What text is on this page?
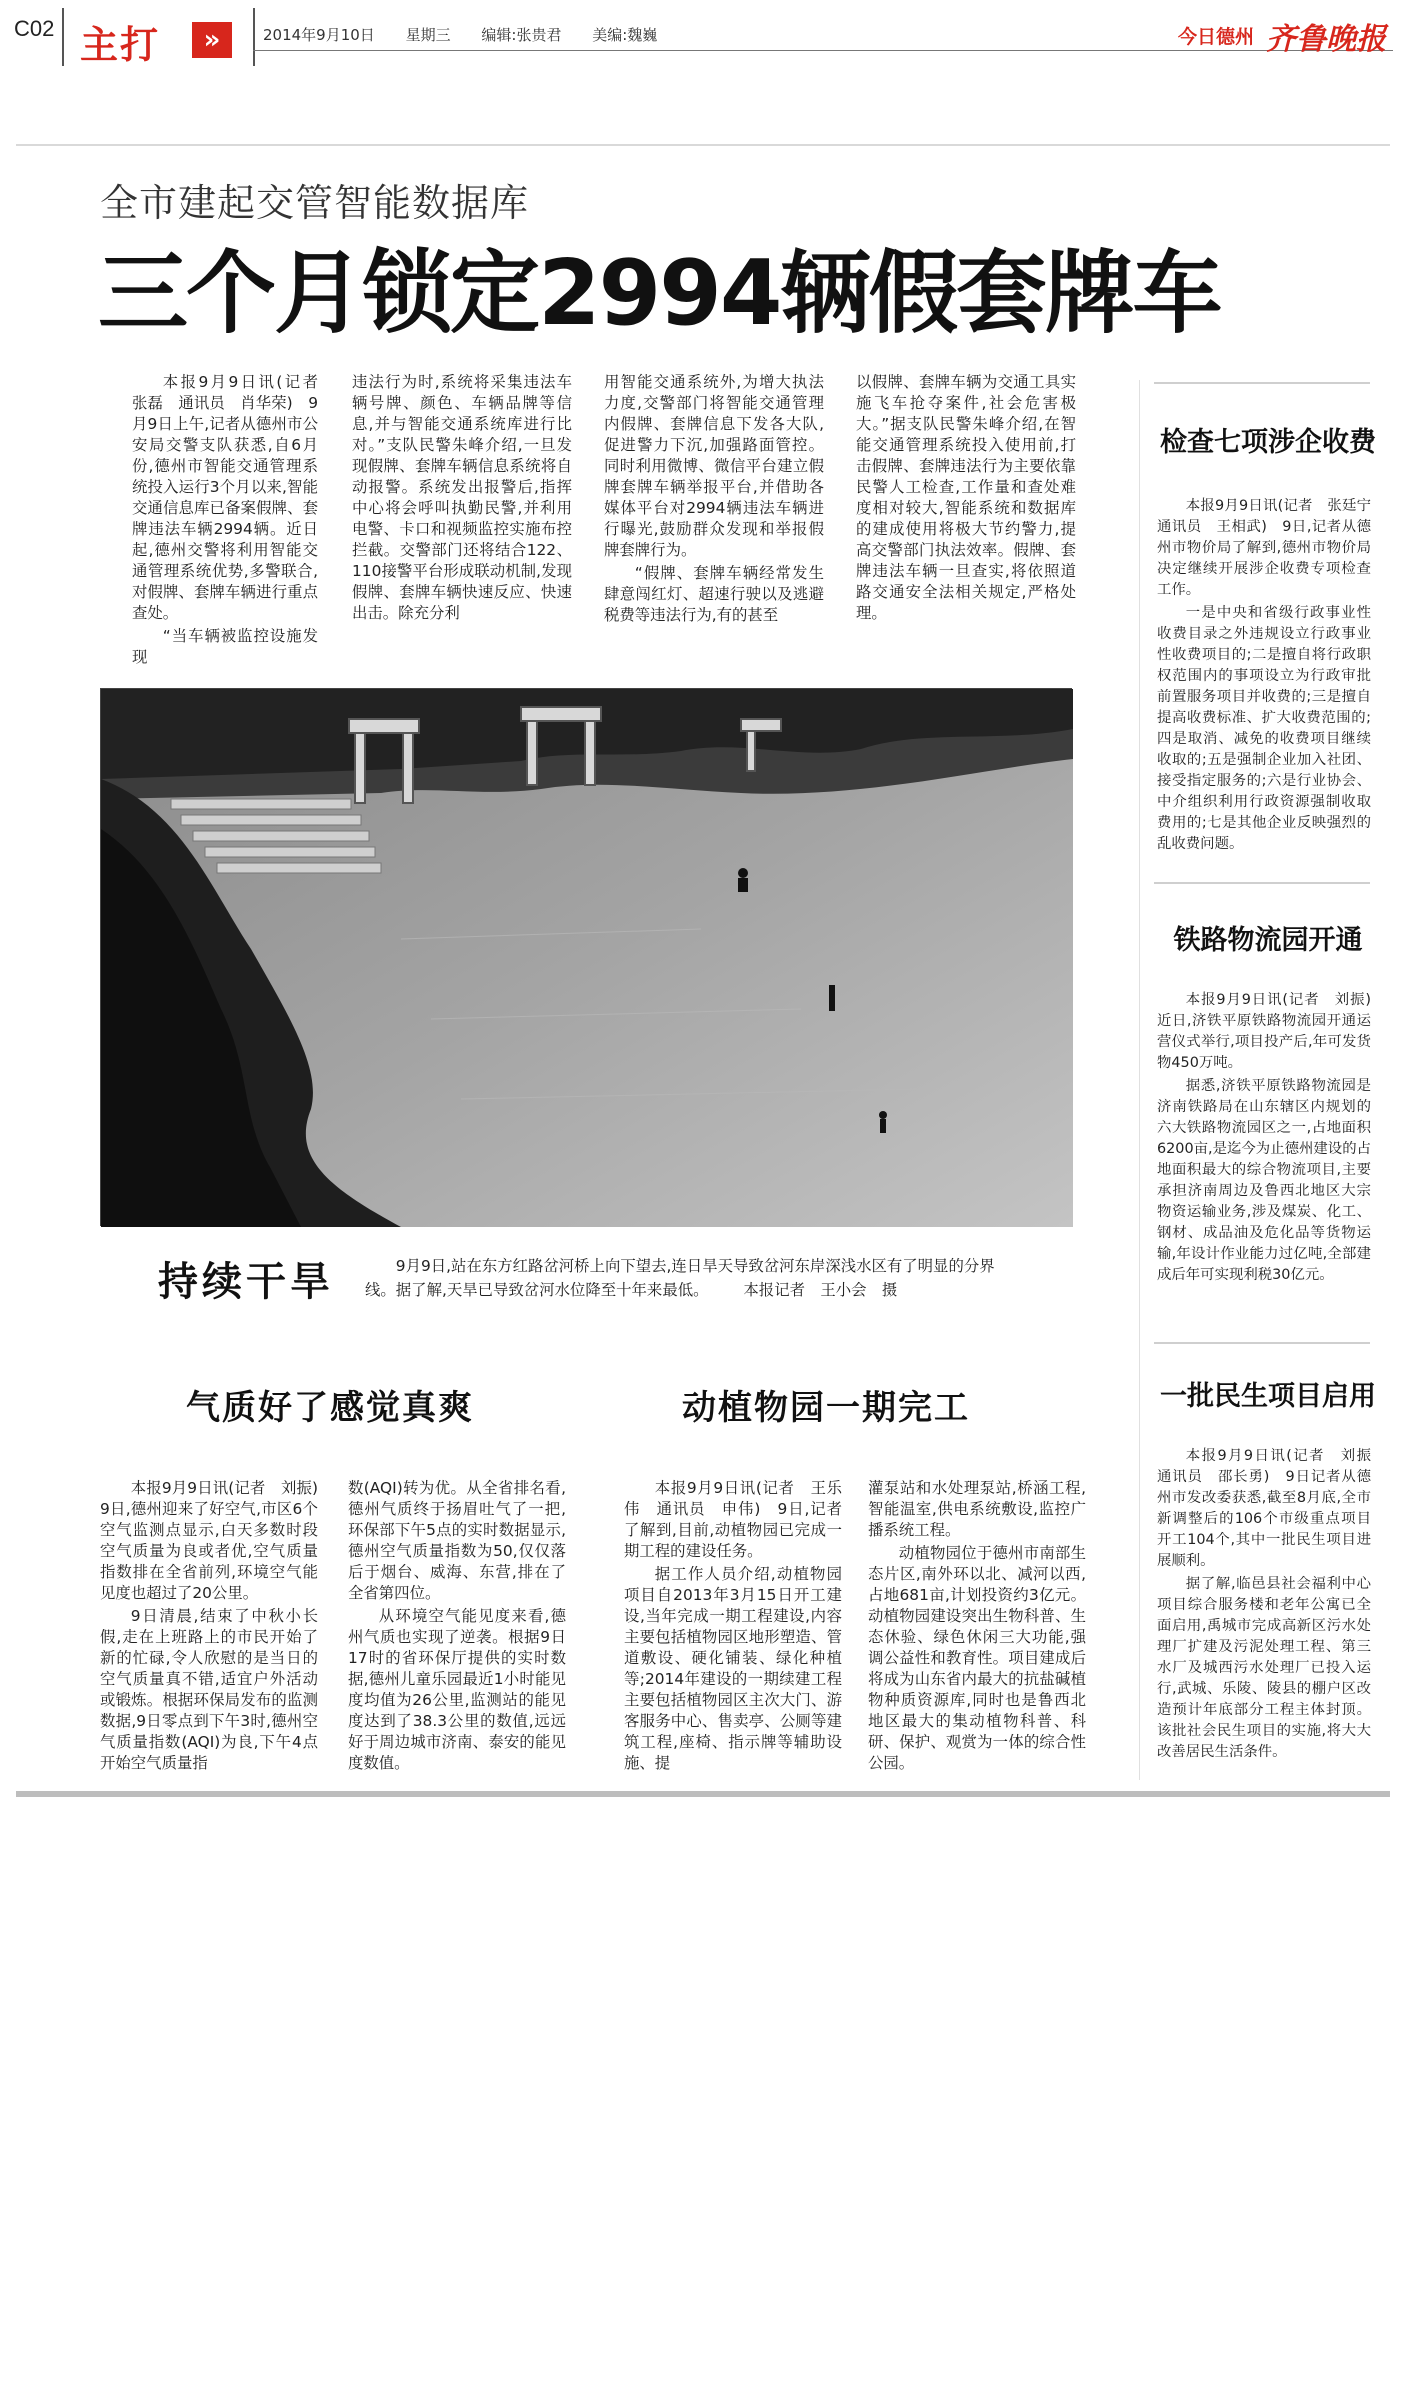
C02 主打	»	2014年9月10日 星期三 编辑:张贵君 美编:魏巍	今日德州 齐鲁晚报
全市建起交管智能数据库
三个月锁定2994辆假套牌车

本报9月9日讯(记者　张磊　通讯员　肖华荣)　9月9日上午,记者从德州市公安局交警支队获悉,自6月份,德州市智能交通管理系统投入运行3个月以来,智能交通信息库已备案假牌、套牌违法车辆2994辆。近日起,德州交警将利用智能交通管理系统优势,多警联合,对假牌、套牌车辆进行重点查处。

“当车辆被监控设施发现

违法行为时,系统将采集违法车辆号牌、颜色、车辆品牌等信息,并与智能交通系统库进行比对。”支队民警朱峰介绍,一旦发现假牌、套牌车辆信息系统将自动报警。系统发出报警后,指挥中心将会呼叫执勤民警,并利用电警、卡口和视频监控实施布控拦截。交警部门还将结合122、110接警平台形成联动机制,发现假牌、套牌车辆快速反应、快速出击。除充分利

用智能交通系统外,为增大执法力度,交警部门将智能交通管理内假牌、套牌信息下发各大队,促进警力下沉,加强路面管控。同时利用微博、微信平台建立假牌套牌车辆举报平台,并借助各媒体平台对2994辆违法车辆进行曝光,鼓励群众发现和举报假牌套牌行为。

“假牌、套牌车辆经常发生肆意闯红灯、超速行驶以及逃避税费等违法行为,有的甚至

以假牌、套牌车辆为交通工具实施飞车抢夺案件,社会危害极大。”据支队民警朱峰介绍,在智能交通管理系统投入使用前,打击假牌、套牌违法行为主要依靠民警人工检查,工作量和查处难度相对较大,智能系统和数据库的建成使用将极大节约警力,提高交警部门执法效率。假牌、套牌违法车辆一旦查实,将依照道路交通安全法相关规定,严格处理。

持续干旱	9月9日,站在东方红路岔河桥上向下望去,连日旱天导致岔河东岸深浅水区有了明显的分界线。据了解,天旱已导致岔河水位降至十年来最低。 本报记者　王小会　摄
气质好了感觉真爽

本报9月9日讯(记者　刘振)　9日,德州迎来了好空气,市区6个空气监测点显示,白天多数时段空气质量为良或者优,空气质量指数排在全省前列,环境空气能见度也超过了20公里。

9日清晨,结束了中秋小长假,走在上班路上的市民开始了新的忙碌,令人欣慰的是当日的空气质量真不错,适宜户外活动或锻炼。根据环保局发布的监测数据,9日零点到下午3时,德州空气质量指数(AQI)为良,下午4点开始空气质量指

数(AQI)转为优。从全省排名看,德州气质终于扬眉吐气了一把,环保部下午5点的实时数据显示,德州空气质量指数为50,仅仅落后于烟台、威海、东营,排在了全省第四位。

从环境空气能见度来看,德州气质也实现了逆袭。根据9日17时的省环保厅提供的实时数据,德州儿童乐园最近1小时能见度均值为26公里,监测站的能见度达到了38.3公里的数值,远远好于周边城市济南、泰安的能见度数值。

动植物园一期完工

本报9月9日讯(记者　王乐伟　通讯员　申伟)　9日,记者了解到,目前,动植物园已完成一期工程的建设任务。

据工作人员介绍,动植物园项目自2013年3月15日开工建设,当年完成一期工程建设,内容主要包括植物园区地形塑造、管道敷设、硬化铺装、绿化种植等;2014年建设的一期续建工程主要包括植物园区主次大门、游客服务中心、售卖亭、公厕等建筑工程,座椅、指示牌等辅助设施、提

灌泵站和水处理泵站,桥涵工程,智能温室,供电系统敷设,监控广播系统工程。

动植物园位于德州市南部生态片区,南外环以北、减河以西,占地681亩,计划投资约3亿元。动植物园建设突出生物科普、生态休验、绿色休闲三大功能,强调公益性和教育性。项目建成后将成为山东省内最大的抗盐碱植物种质资源库,同时也是鲁西北地区最大的集动植物科普、科研、保护、观赏为一体的综合性公园。

检查七项涉企收费

本报9月9日讯(记者　张廷宁　通讯员　王相武)　9日,记者从德州市物价局了解到,德州市物价局决定继续开展涉企收费专项检查工作。

一是中央和省级行政事业性收费目录之外违规设立行政事业性收费项目的;二是擅自将行政职权范围内的事项设立为行政审批前置服务项目并收费的;三是擅自提高收费标准、扩大收费范围的;四是取消、减免的收费项目继续收取的;五是强制企业加入社团、接受指定服务的;六是行业协会、中介组织利用行政资源强制收取费用的;七是其他企业反映强烈的乱收费问题。

铁路物流园开通

本报9月9日讯(记者　刘振)　近日,济铁平原铁路物流园开通运营仪式举行,项目投产后,年可发货物450万吨。

据悉,济铁平原铁路物流园是济南铁路局在山东辖区内规划的六大铁路物流园区之一,占地面积6200亩,是迄今为止德州建设的占地面积最大的综合物流项目,主要承担济南周边及鲁西北地区大宗物资运输业务,涉及煤炭、化工、钢材、成品油及危化品等货物运输,年设计作业能力过亿吨,全部建成后年可实现利税30亿元。

一批民生项目启用

本报9月9日讯(记者　刘振　通讯员　邵长勇)　9日记者从德州市发改委获悉,截至8月底,全市新调整后的106个市级重点项目开工104个,其中一批民生项目进展顺利。

据了解,临邑县社会福利中心项目综合服务楼和老年公寓已全面启用,禹城市完成高新区污水处理厂扩建及污泥处理工程、第三水厂及城西污水处理厂已投入运行,武城、乐陵、陵县的棚户区改造预计年底部分工程主体封顶。该批社会民生项目的实施,将大大改善居民生活条件。
